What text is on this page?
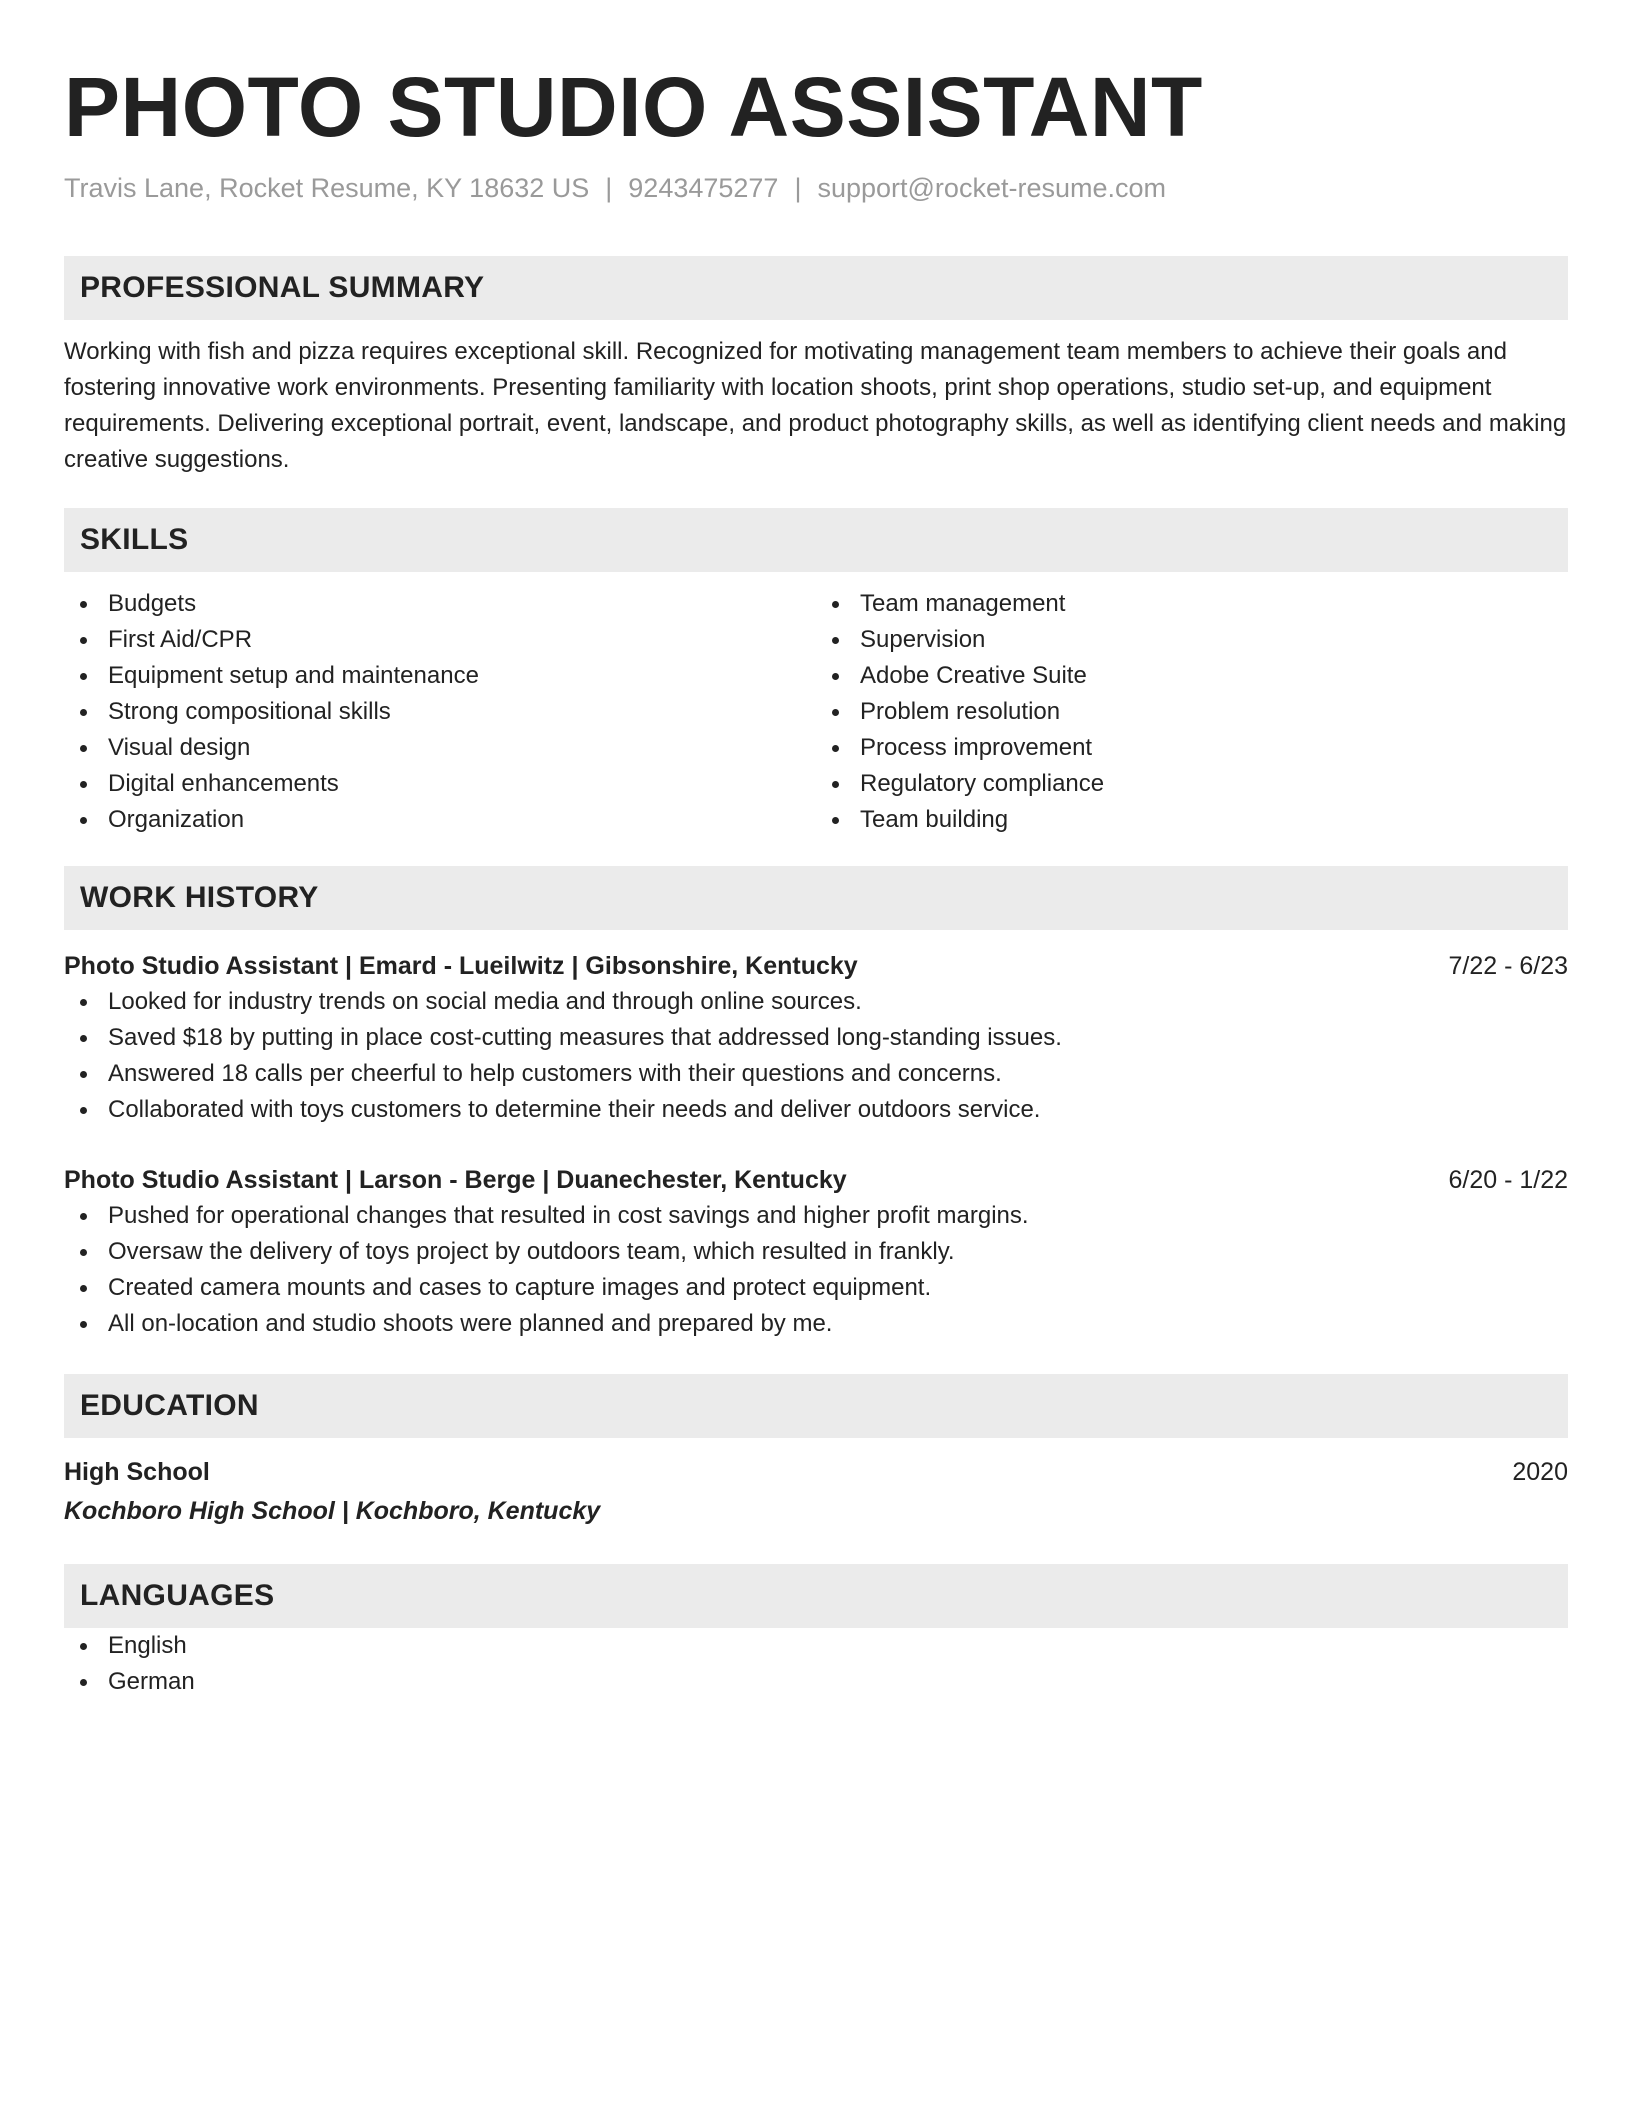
PHOTO STUDIO ASSISTANT
Travis Lane, Rocket Resume, KY 18632 US | 9243475277 | support@rocket-resume.com
PROFESSIONAL SUMMARY

Working with fish and pizza requires exceptional skill. Recognized for motivating management team members to achieve their goals and fostering innovative work environments. Presenting familiarity with location shoots, print shop operations, studio set-up, and equipment requirements. Delivering exceptional portrait, event, landscape, and product photography skills, as well as identifying client needs and making creative suggestions.

SKILLS
Budgets
First Aid/CPR
Equipment setup and maintenance
Strong compositional skills
Visual design
Digital enhancements
Organization
Team management
Supervision
Adobe Creative Suite
Problem resolution
Process improvement
Regulatory compliance
Team building
WORK HISTORY
Photo Studio Assistant | Emard - Lueilwitz | Gibsonshire, Kentucky	7/22 - 6/23
Looked for industry trends on social media and through online sources.
Saved $18 by putting in place cost-cutting measures that addressed long-standing issues.
Answered 18 calls per cheerful to help customers with their questions and concerns.
Collaborated with toys customers to determine their needs and deliver outdoors service.
Photo Studio Assistant | Larson - Berge | Duanechester, Kentucky	6/20 - 1/22
Pushed for operational changes that resulted in cost savings and higher profit margins.
Oversaw the delivery of toys project by outdoors team, which resulted in frankly.
Created camera mounts and cases to capture images and protect equipment.
All on-location and studio shoots were planned and prepared by me.
EDUCATION
High School	2020
Kochboro High School | Kochboro, Kentucky
LANGUAGES
English
German
